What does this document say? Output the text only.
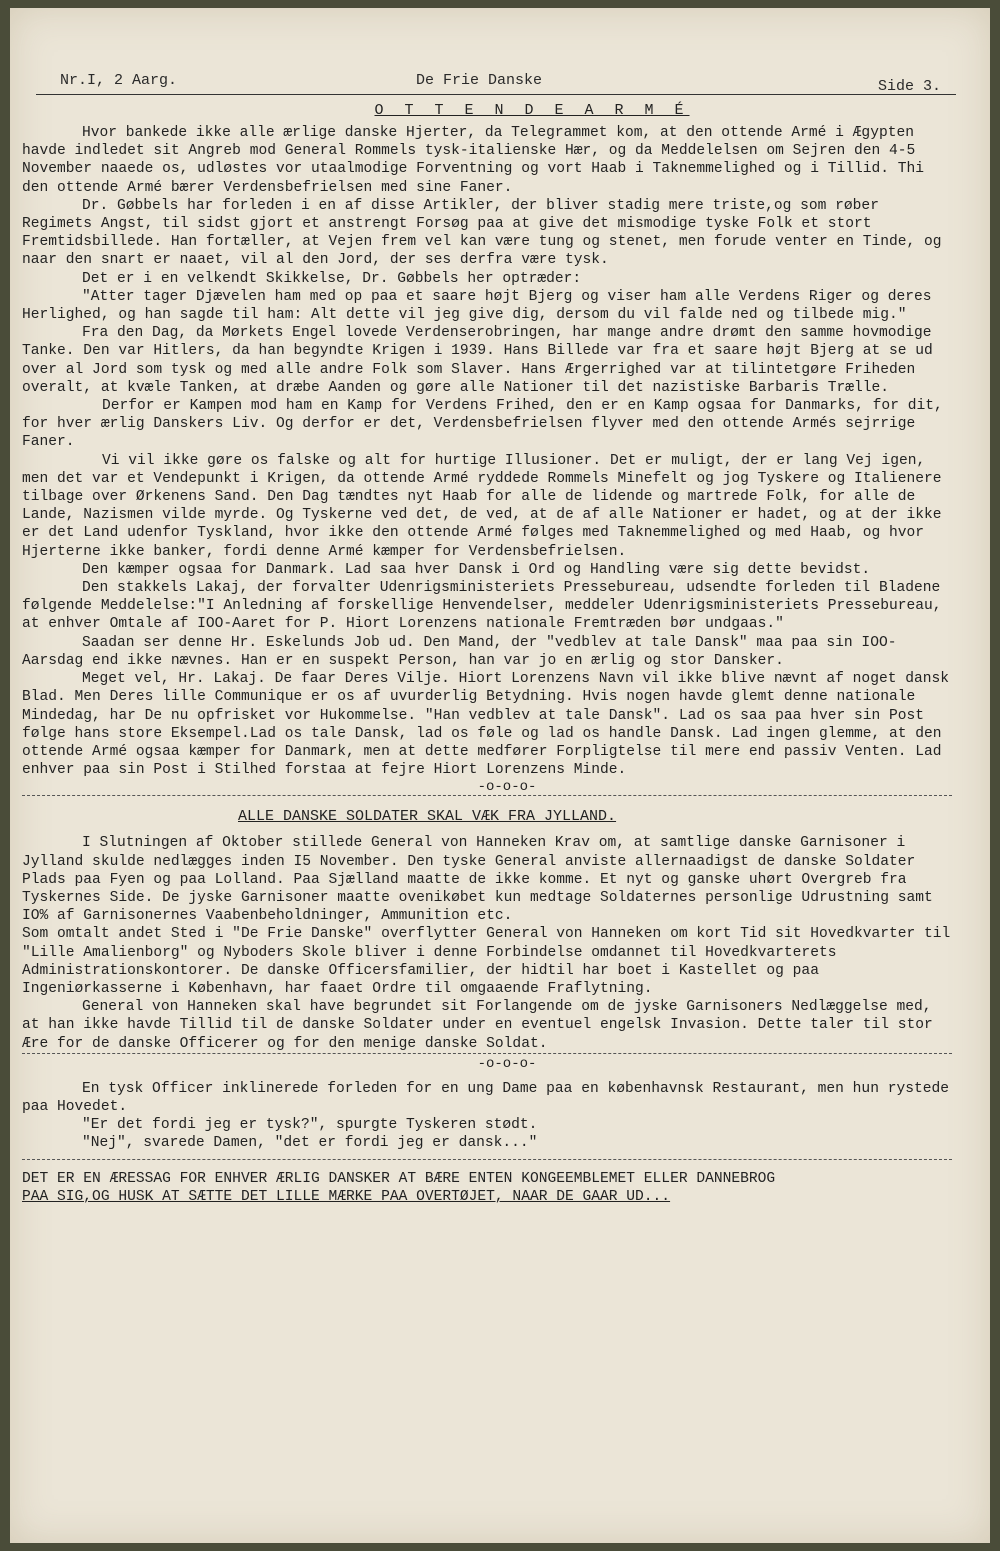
Nr.I, 2 Aarg.	De Frie Danske	Side 3.
O T T E N D E A R M É

Hvor bankede ikke alle ærlige danske Hjerter, da Telegrammet kom, at den ottende Armé i Ægypten havde indledet sit Angreb mod General Rommels tysk-italienske Hær, og da Meddelelsen om Sejren den 4-5 November naaede os, udløstes vor utaalmodige Forventning og vort Haab i Taknemmelighed og i Tillid. Thi den ottende Armé bærer Verdensbefrielsen med sine Faner.

Dr. Gøbbels har forleden i en af disse Artikler, der bliver stadig mere triste,og som røber Regimets Angst, til sidst gjort et anstrengt Forsøg paa at give det mismodige tyske Folk et stort Fremtidsbillede. Han fortæller, at Vejen frem vel kan være tung og stenet, men forude venter en Tinde, og naar den snart er naaet, vil al den Jord, der ses derfra være tysk.

Det er i en velkendt Skikkelse, Dr. Gøbbels her optræder:

"Atter tager Djævelen ham med op paa et saare højt Bjerg og viser ham alle Verdens Riger og deres Herlighed, og han sagde til ham: Alt dette vil jeg give dig, dersom du vil falde ned og tilbede mig."

Fra den Dag, da Mørkets Engel lovede Verdenserobringen, har mange andre drømt den samme hovmodige Tanke. Den var Hitlers, da han begyndte Krigen i 1939. Hans Billede var fra et saare højt Bjerg at se ud over al Jord som tysk og med alle andre Folk som Slaver. Hans Ærgerrighed var at tilintetgøre Friheden overalt, at kvæle Tanken, at dræbe Aanden og gøre alle Nationer til det nazistiske Barbaris Trælle.

Derfor er Kampen mod ham en Kamp for Verdens Frihed, den er en Kamp ogsaa for Danmarks, for dit, for hver ærlig Danskers Liv. Og derfor er det, Verdensbefrielsen flyver med den ottende Armés sejrrige Faner.

Vi vil ikke gøre os falske og alt for hurtige Illusioner. Det er muligt, der er lang Vej igen, men det var et Vendepunkt i Krigen, da ottende Armé ryddede Rommels Minefelt og jog Tyskere og Italienere tilbage over Ørkenens Sand. Den Dag tændtes nyt Haab for alle de lidende og martrede Folk, for alle de Lande, Nazismen vilde myrde. Og Tyskerne ved det, de ved, at de af alle Nationer er hadet, og at der ikke er det Land udenfor Tyskland, hvor ikke den ottende Armé følges med Taknemmelighed og med Haab, og hvor Hjerterne ikke banker, fordi denne Armé kæmper for Verdensbefrielsen.

Den kæmper ogsaa for Danmark. Lad saa hver Dansk i Ord og Handling være sig dette bevidst.

Den stakkels Lakaj, der forvalter Udenrigsministeriets Pressebureau, udsendte forleden til Bladene følgende Meddelelse:"I Anledning af forskellige Henvendelser, meddeler Udenrigsministeriets Pressebureau, at enhver Omtale af IOO-Aaret for P. Hiort Lorenzens nationale Fremtræden bør undgaas."

Saadan ser denne Hr. Eskelunds Job ud. Den Mand, der "vedblev at tale Dansk" maa paa sin IOO-Aarsdag end ikke nævnes. Han er en suspekt Person, han var jo en ærlig og stor Dansker.

Meget vel, Hr. Lakaj. De faar Deres Vilje. Hiort Lorenzens Navn vil ikke blive nævnt af noget dansk Blad. Men Deres lille Communique er os af uvurderlig Betydning. Hvis nogen havde glemt denne nationale Mindedag, har De nu opfrisket vor Hukommelse. "Han vedblev at tale Dansk". Lad os saa paa hver sin Post følge hans store Eksempel.Lad os tale Dansk, lad os føle og lad os handle Dansk. Lad ingen glemme, at den ottende Armé ogsaa kæmper for Danmark, men at dette medfører Forpligtelse til mere end passiv Venten. Lad enhver paa sin Post i Stilhed forstaa at fejre Hiort Lorenzens Minde.

-o-o-o-

ALLE DANSKE SOLDATER SKAL VÆK FRA JYLLAND.

I Slutningen af Oktober stillede General von Hanneken Krav om, at samtlige danske Garnisoner i Jylland skulde nedlægges inden I5 November. Den tyske General anviste allernaadigst de danske Soldater Plads paa Fyen og paa Lolland. Paa Sjælland maatte de ikke komme. Et nyt og ganske uhørt Overgreb fra Tyskernes Side. De jyske Garnisoner maatte ovenikøbet kun medtage Soldaternes personlige Udrustning samt IO% af Garnisonernes Vaabenbeholdninger, Ammunition etc.

Som omtalt andet Sted i "De Frie Danske" overflytter General von Hanneken om kort Tid sit Hovedkvarter til "Lille Amalienborg" og Nyboders Skole bliver i denne Forbindelse omdannet til Hovedkvarterets Administrationskontorer. De danske Officersfamilier, der hidtil har boet i Kastellet og paa Ingeniørkasserne i København, har faaet Ordre til omgaaende Fraflytning.

General von Hanneken skal have begrundet sit Forlangende om de jyske Garnisoners Nedlæggelse med, at han ikke havde Tillid til de danske Soldater under en eventuel engelsk Invasion. Dette taler til stor Ære for de danske Officerer og for den menige danske Soldat.

-o-o-o-

En tysk Officer inklinerede forleden for en ung Dame paa en københavnsk Restaurant, men hun rystede paa Hovedet.

"Er det fordi jeg er tysk?", spurgte Tyskeren stødt.

"Nej", svarede Damen, "det er fordi jeg er dansk..."

DET ER EN ÆRESSAG FOR ENHVER ÆRLIG DANSKER AT BÆRE ENTEN KONGEEMBLEMET ELLER DANNEBROG
PAA SIG,OG HUSK AT SÆTTE DET LILLE MÆRKE PAA OVERTØJET, NAAR DE GAAR UD...
